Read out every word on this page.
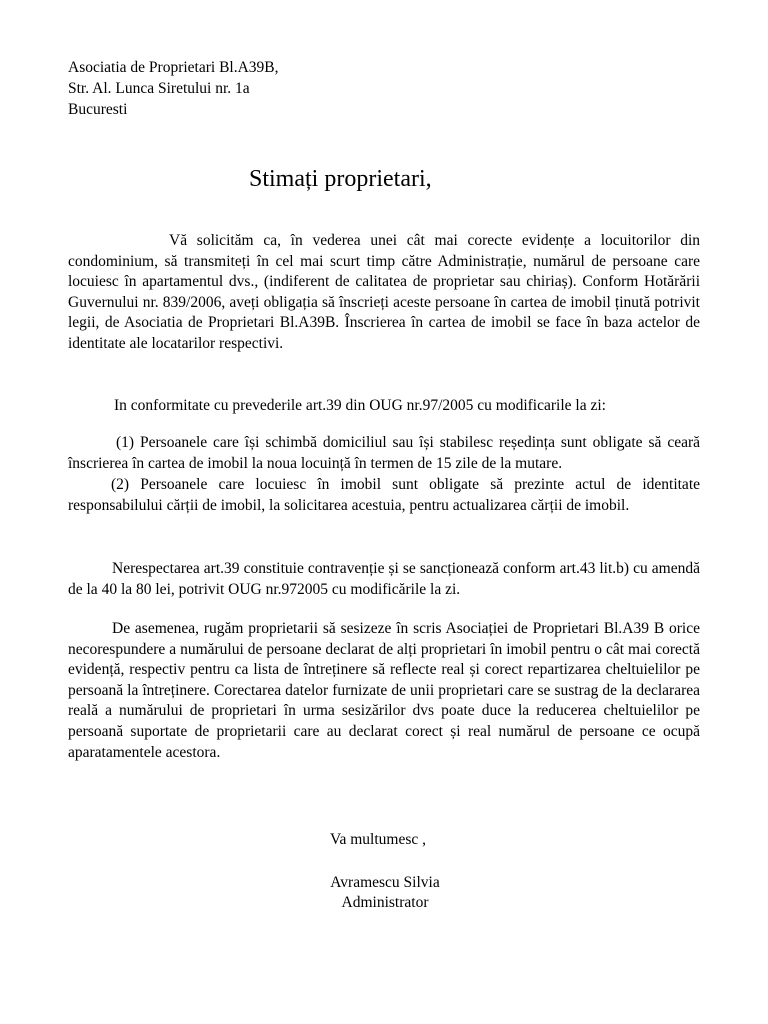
Asociatia de Proprietari Bl.A39B,
Str. Al. Lunca Siretului nr. 1a
Bucuresti
Stimați proprietari,
Vă solicităm ca, în vederea unei cât mai corecte evidențe a locuitorilor din condominium, să transmiteți în cel mai scurt timp către Administrație, numărul de persoane care locuiesc în apartamentul dvs., (indiferent de calitatea de proprietar sau chiriaș). Conform Hotărării Guvernului nr. 839/2006, aveți obligația să înscrieți aceste persoane în cartea de imobil ținută potrivit legii, de Asociatia de Proprietari Bl.A39B. Înscrierea în cartea de imobil se face în baza actelor de identitate ale locatarilor respectivi.
In conformitate cu prevederile art.39 din OUG nr.97/2005 cu modificarile la zi:
(1) Persoanele care își schimbă domiciliul sau își stabilesc reședința sunt obligate să ceară înscrierea în cartea de imobil la noua locuință în termen de 15 zile de la mutare.
(2) Persoanele care locuiesc în imobil sunt obligate să prezinte actul de identitate responsabilului cărții de imobil, la solicitarea acestuia, pentru actualizarea cărții de imobil.
Nerespectarea art.39 constituie contravenție și se sancționează conform art.43 lit.b) cu amendă de la 40 la 80 lei, potrivit OUG nr.972005 cu modificările la zi.
De asemenea, rugăm proprietarii să sesizeze în scris Asociației de Proprietari Bl.A39 B orice necorespundere a numărului de persoane declarat de alți proprietari în imobil pentru o cât mai corectă evidență, respectiv pentru ca lista de întreținere să reflecte real și corect repartizarea cheltuielilor pe persoană la întreținere. Corectarea datelor furnizate de unii proprietari care se sustrag de la declararea reală a numărului de proprietari în urma sesizărilor dvs poate duce la reducerea cheltuielilor pe persoană suportate de proprietarii care au declarat corect și real numărul de persoane ce ocupă aparatamentele acestora.
Va multumesc ,
Avramescu Silvia
Administrator
